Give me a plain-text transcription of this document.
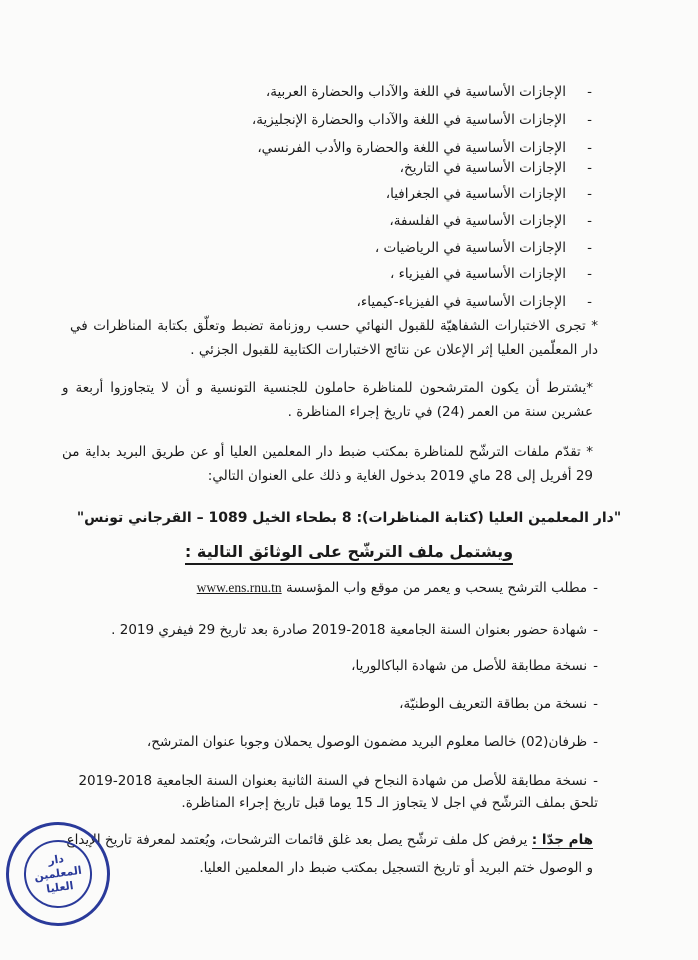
- الإجازات الأساسية في اللغة والآداب والحضارة العربية،
- الإجازات الأساسية في اللغة والآداب والحضارة الإنجليزية،
- الإجازات الأساسية في اللغة والحضارة والأدب الفرنسي،
- الإجازات الأساسية في التاريخ،
- الإجازات الأساسية في الجغرافيا،
- الإجازات الأساسية في الفلسفة،
- الإجازات الأساسية في الرياضيات ،
- الإجازات الأساسية في الفيزياء ،
- الإجازات الأساسية في الفيزياء-كيمياء،
* تجرى الاختبارات الشفاهيّة للقبول النهائي حسب روزنامة تضبط وتعلّق بكتابة المناظرات في دار المعلّمين العليا إثر الإعلان عن نتائج الاختبارات الكتابية للقبول الجزئي .
*يشترط أن يكون المترشحون للمناظرة حاملون للجنسية التونسية و أن لا يتجاوزوا أربعة و عشرين سنة من العمر (24) في تاريخ إجراء المناظرة .
* تقدّم ملفات الترشّح للمناظرة بمكتب ضبط دار المعلمين العليا أو عن طريق البريد بداية من 29 أفريل إلى 28 ماي 2019 بدخول الغاية و ذلك على العنوان التالي:
"دار المعلمين العليا (كتابة المناظرات): 8 بطحاء الخيل 1089 – القرجاني تونس"
ويشتمل ملف الترشّح على الوثائق التالية :
-مطلب الترشح يسحب و يعمر من موقع واب المؤسسة www.ens.rnu.tn
-شهادة حضور بعنوان السنة الجامعية 2018-2019 صادرة بعد تاريخ 29 فيفري 2019 .
-نسخة مطابقة للأصل من شهادة الباكالوريا،
-نسخة من بطاقة التعريف الوطنيّة،
-ظرفان(02) خالصا معلوم البريد مضمون الوصول يحملان وجوبا عنوان المترشح،
-نسخة مطابقة للأصل من شهادة النجاح في السنة الثانية بعنوان السنة الجامعية 2018-2019
تلحق بملف الترشّح في اجل لا يتجاوز الـ 15 يوما قبل تاريخ إجراء المناظرة.
هام جدّا : يرفض كل ملف ترشّح يصل بعد غلق قائمات الترشحات، ويُعتمد لمعرفة تاريخ الإيداع
و الوصول ختم البريد أو تاريخ التسجيل بمكتب ضبط دار المعلمين العليا.
دار
المعلمين
العليا
